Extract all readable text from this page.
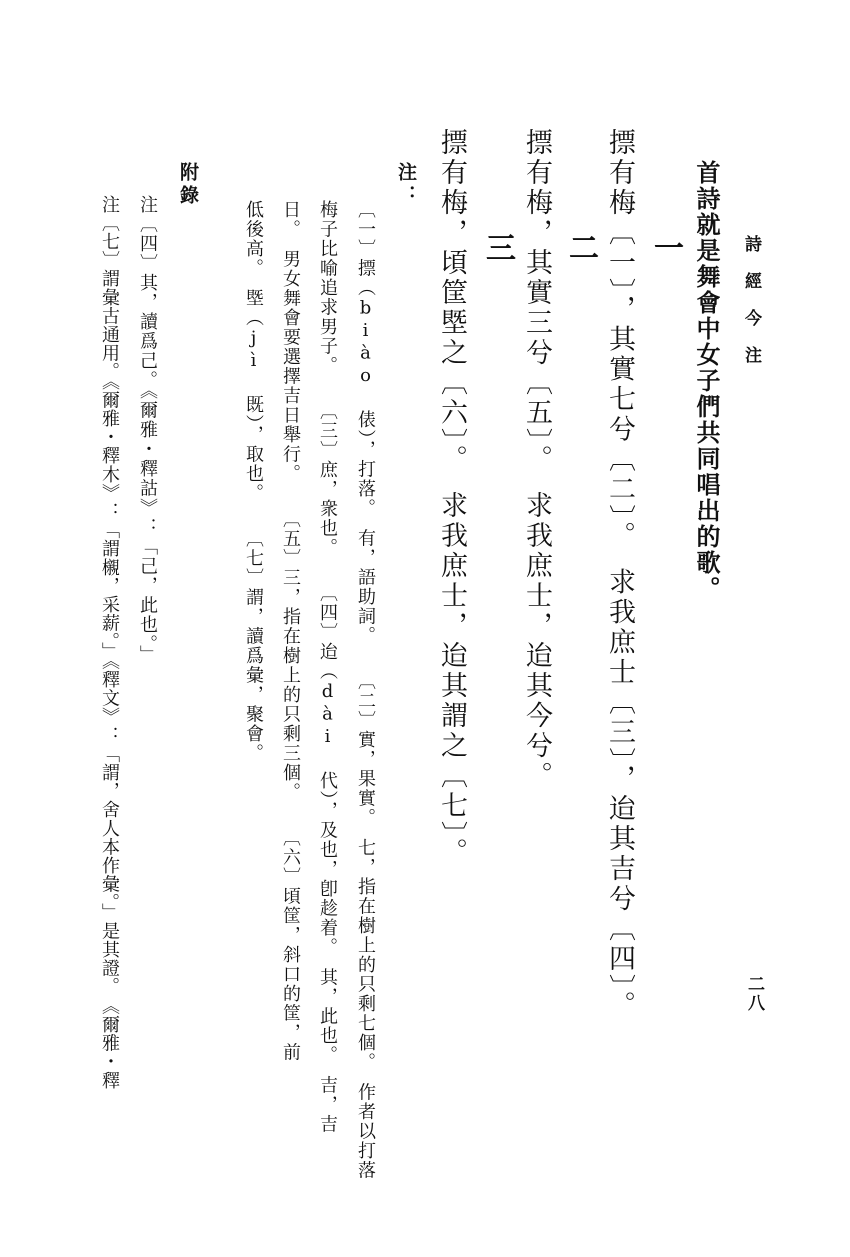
詩經今注
二八
首詩就是舞會中女子們共同唱出的歌。
一
摽有梅〔一〕，其實七兮〔二〕。　求我庶士〔三〕，迨其吉兮〔四〕。
二
摽有梅，其實三兮〔五〕。　求我庶士，迨其今兮。
三
摽有梅，頃筐塈之〔六〕。　求我庶士，迨其謂之〔七〕。
注：
〔一〕摽（biào 俵），打落。　有，語助詞。〔二〕實，果實。　七，指在樹上的只剩七個。　作者以打落
梅子比喻追求男子。〔三〕庶，衆也。〔四〕迨（dài 代），及也，卽趁着。　其，此也。　吉，吉
日。　男女舞會要選擇吉日舉行。〔五〕三，指在樹上的只剩三個。〔六〕頃筐，斜口的筐，前
低後高。　塈（jì 既），取也。〔七〕謂，讀爲彙，聚會。
附錄
注〔四〕其，讀爲己。《爾雅・釋詁》：「己，此也。」
注〔七〕謂彙古通用。《爾雅・釋木》：「謂櫬，采薪。」《釋文》：「謂，舍人本作彙。」是其證。　《爾雅・釋
